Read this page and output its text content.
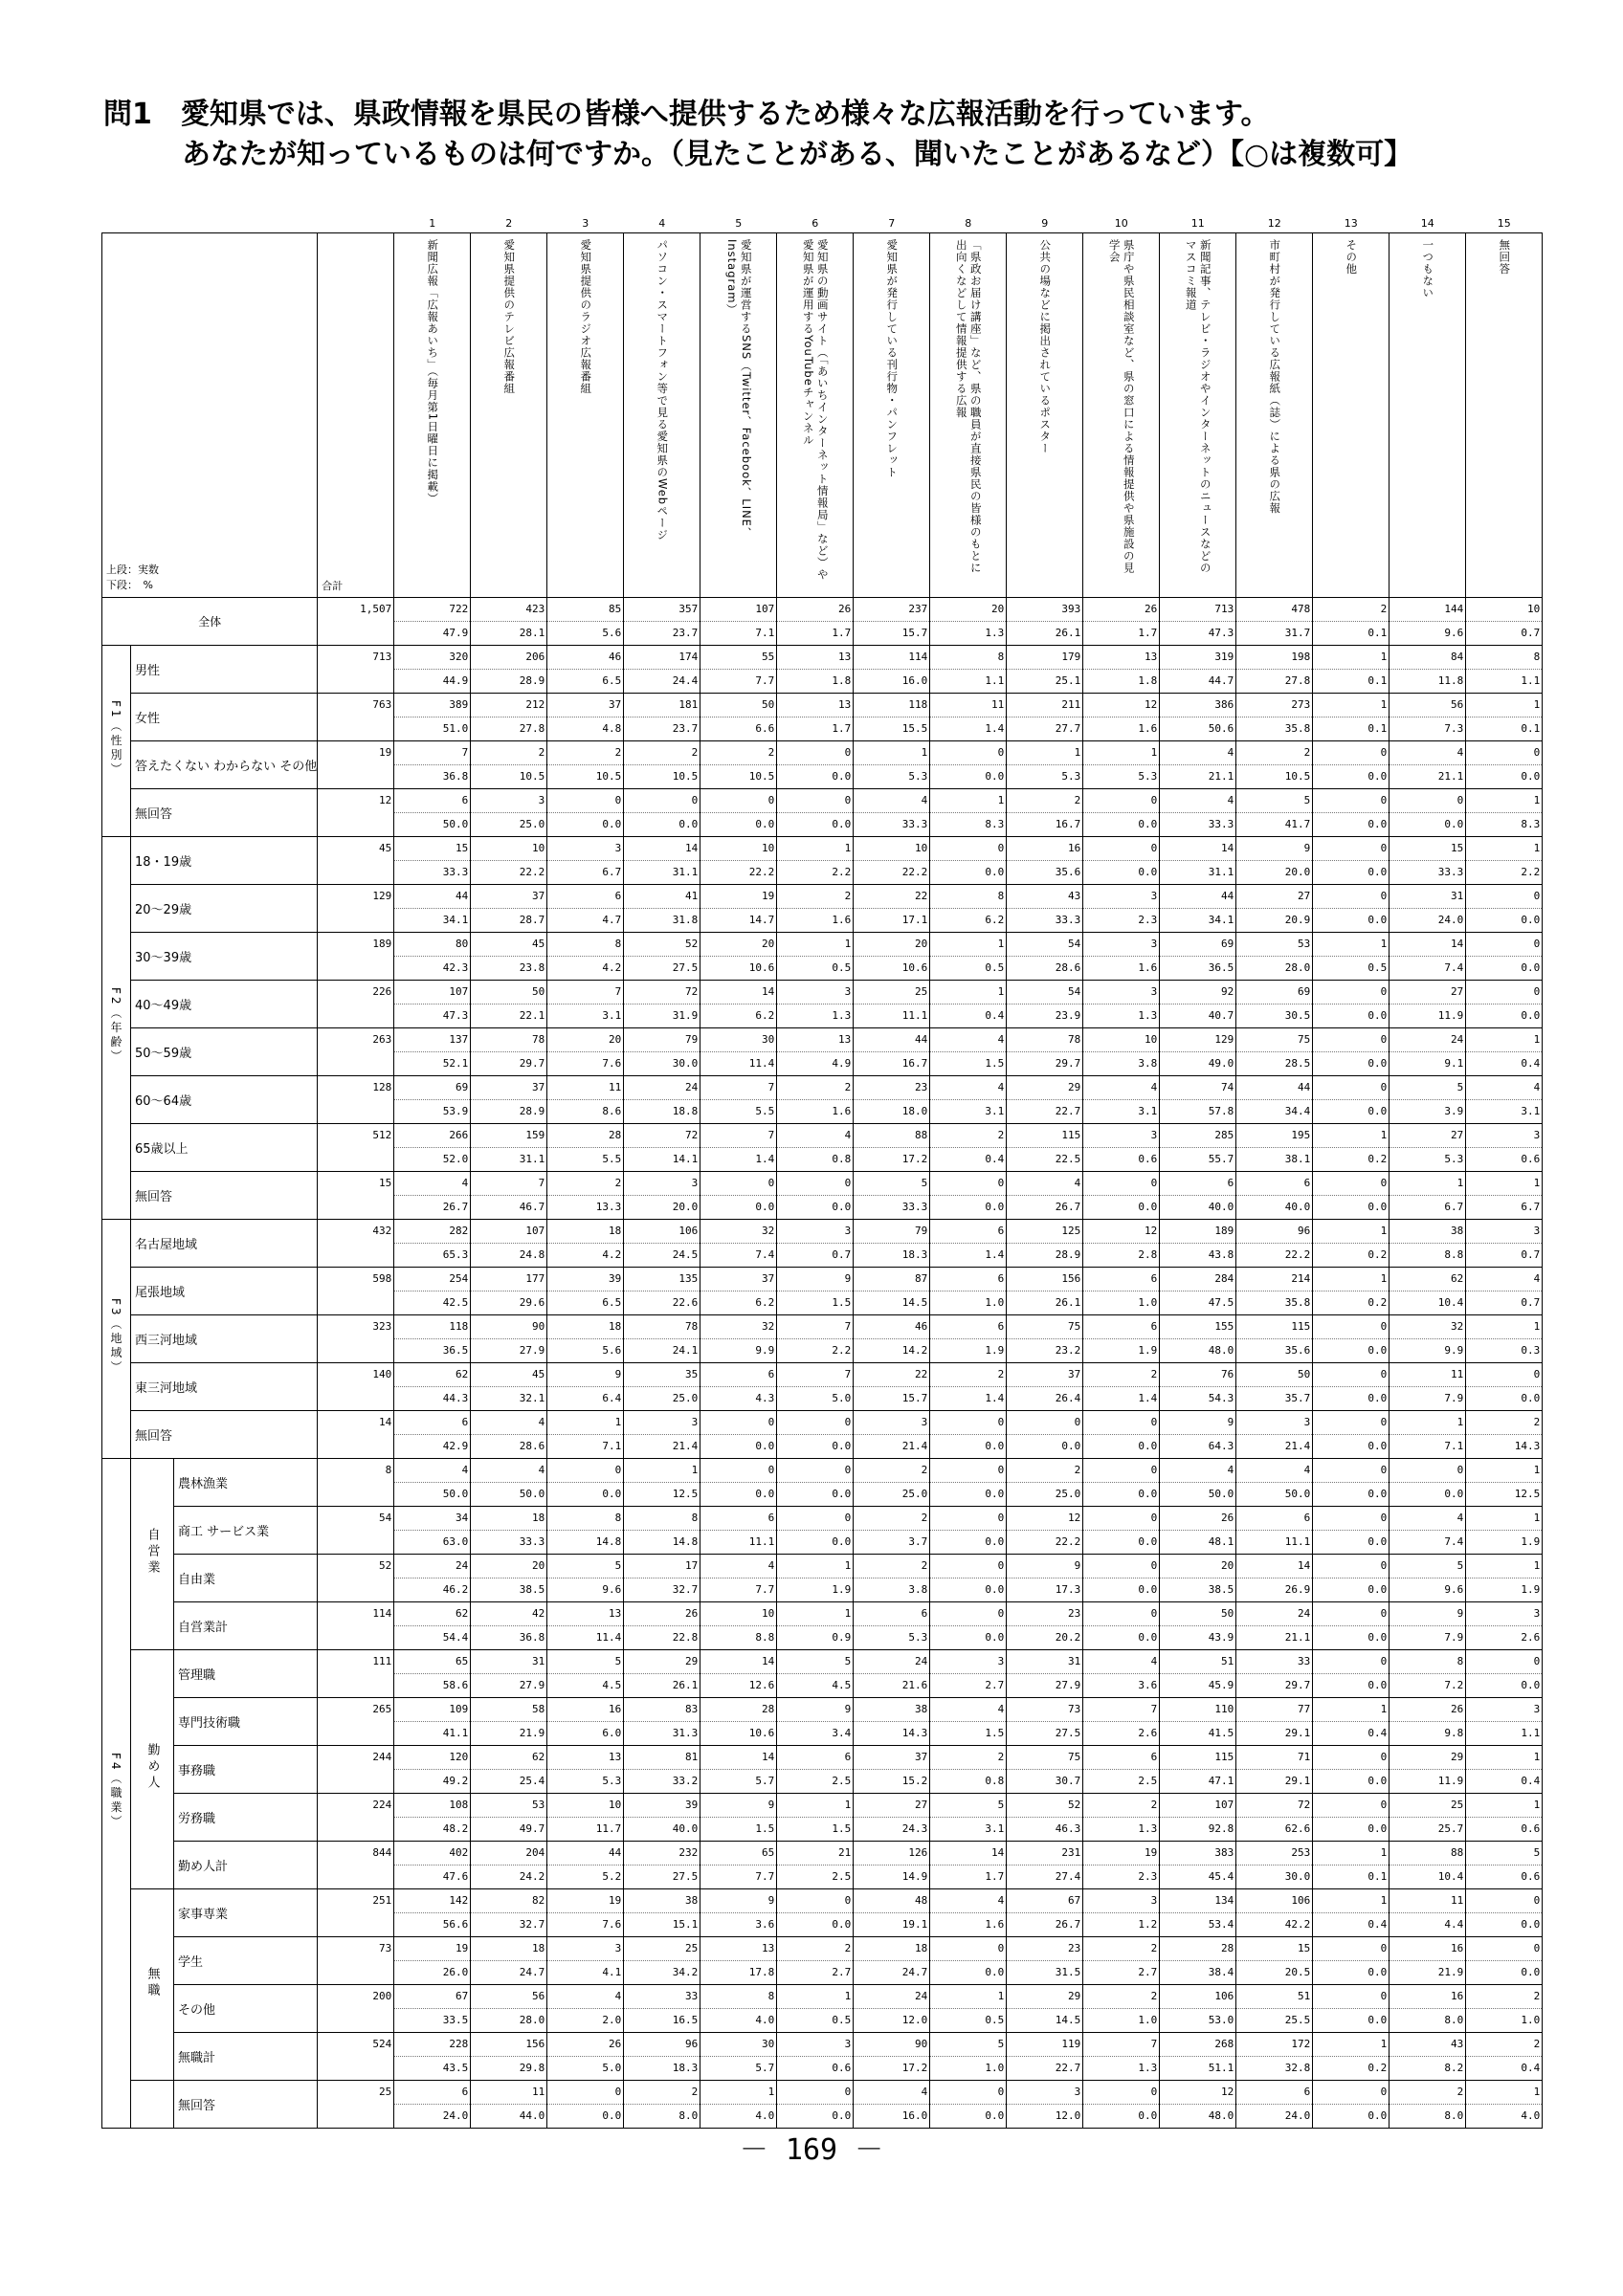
問1　愛知県では、県政情報を県民の皆様へ提供するため様々な広報活動を行っています。
あなたが知っているものは何ですか。（見たことがある、聞いたことがあるなど）【○は複数可】
				1	2	3	4	5	6	7	8	9	10	11	12	13	14	15

上段：実数
下段：　%			合計	新聞広報「広報あいち」（毎月第1日曜日に掲載）	愛知県提供のテレビ広報番組	愛知県提供のラジオ広報番組	パソコン・スマートフォン等で見る愛知県のWebページ	愛知県が運営するSNS（Twitter、Facebook、LINE、Instagram）	愛知県の動画サイト（「あいちインターネット情報局」など）や愛知県が運用するYouTubeチャンネル	愛知県が発行している刊行物・パンフレット	「県政お届け講座」など、県の職員が直接県民の皆様のもとに出向くなどして情報提供する広報	公共の場などに掲出されているポスター	県庁や県民相談室など、県の窓口による情報提供や県施設の見学会	新聞記事、テレビ・ラジオやインターネットのニュースなどのマスコミ報道	市町村が発行している広報紙（誌）による県の広報	その他	一つもない	無回答

全体			1,507	722	423	85	357	107	26	237	20	393	26	713	478	2	144	10
				47.9	28.1	5.6	23.7	7.1	1.7	15.7	1.3	26.1	1.7	47.3	31.7	0.1	9.6	0.7
F1（性別）	男性		713	320	206	46	174	55	13	114	8	179	13	319	198	1	84	8
				44.9	28.9	6.5	24.4	7.7	1.8	16.0	1.1	25.1	1.8	44.7	27.8	0.1	11.8	1.1
	女性		763	389	212	37	181	50	13	118	11	211	12	386	273	1	56	1
				51.0	27.8	4.8	23.7	6.6	1.7	15.5	1.4	27.7	1.6	50.6	35.8	0.1	7.3	0.1
	答えたくない わからない その他		19	7	2	2	2	2	0	1	0	1	1	4	2	0	4	0
				36.8	10.5	10.5	10.5	10.5	0.0	5.3	0.0	5.3	5.3	21.1	10.5	0.0	21.1	0.0
	無回答		12	6	3	0	0	0	0	4	1	2	0	4	5	0	0	1
				50.0	25.0	0.0	0.0	0.0	0.0	33.3	8.3	16.7	0.0	33.3	41.7	0.0	0.0	8.3
F2（年齢）	18・19歳		45	15	10	3	14	10	1	10	0	16	0	14	9	0	15	1
				33.3	22.2	6.7	31.1	22.2	2.2	22.2	0.0	35.6	0.0	31.1	20.0	0.0	33.3	2.2
	20〜29歳		129	44	37	6	41	19	2	22	8	43	3	44	27	0	31	0
				34.1	28.7	4.7	31.8	14.7	1.6	17.1	6.2	33.3	2.3	34.1	20.9	0.0	24.0	0.0
	30〜39歳		189	80	45	8	52	20	1	20	1	54	3	69	53	1	14	0
				42.3	23.8	4.2	27.5	10.6	0.5	10.6	0.5	28.6	1.6	36.5	28.0	0.5	7.4	0.0
	40〜49歳		226	107	50	7	72	14	3	25	1	54	3	92	69	0	27	0
				47.3	22.1	3.1	31.9	6.2	1.3	11.1	0.4	23.9	1.3	40.7	30.5	0.0	11.9	0.0
	50〜59歳		263	137	78	20	79	30	13	44	4	78	10	129	75	0	24	1
				52.1	29.7	7.6	30.0	11.4	4.9	16.7	1.5	29.7	3.8	49.0	28.5	0.0	9.1	0.4
	60〜64歳		128	69	37	11	24	7	2	23	4	29	4	74	44	0	5	4
				53.9	28.9	8.6	18.8	5.5	1.6	18.0	3.1	22.7	3.1	57.8	34.4	0.0	3.9	3.1
	65歳以上		512	266	159	28	72	7	4	88	2	115	3	285	195	1	27	3
				52.0	31.1	5.5	14.1	1.4	0.8	17.2	0.4	22.5	0.6	55.7	38.1	0.2	5.3	0.6
	無回答		15	4	7	2	3	0	0	5	0	4	0	6	6	0	1	1
				26.7	46.7	13.3	20.0	0.0	0.0	33.3	0.0	26.7	0.0	40.0	40.0	0.0	6.7	6.7
F3（地域）	名古屋地域		432	282	107	18	106	32	3	79	6	125	12	189	96	1	38	3
				65.3	24.8	4.2	24.5	7.4	0.7	18.3	1.4	28.9	2.8	43.8	22.2	0.2	8.8	0.7
	尾張地域		598	254	177	39	135	37	9	87	6	156	6	284	214	1	62	4
				42.5	29.6	6.5	22.6	6.2	1.5	14.5	1.0	26.1	1.0	47.5	35.8	0.2	10.4	0.7
	西三河地域		323	118	90	18	78	32	7	46	6	75	6	155	115	0	32	1
				36.5	27.9	5.6	24.1	9.9	2.2	14.2	1.9	23.2	1.9	48.0	35.6	0.0	9.9	0.3
	東三河地域		140	62	45	9	35	6	7	22	2	37	2	76	50	0	11	0
				44.3	32.1	6.4	25.0	4.3	5.0	15.7	1.4	26.4	1.4	54.3	35.7	0.0	7.9	0.0
	無回答		14	6	4	1	3	0	0	3	0	0	0	9	3	0	1	2
				42.9	28.6	7.1	21.4	0.0	0.0	21.4	0.0	0.0	0.0	64.3	21.4	0.0	7.1	14.3
F4（職業）	自営業	農林漁業	8	4	4	0	1	0	0	2	0	2	0	4	4	0	0	1
				50.0	50.0	0.0	12.5	0.0	0.0	25.0	0.0	25.0	0.0	50.0	50.0	0.0	0.0	12.5
		商工 サービス業	54	34	18	8	8	6	0	2	0	12	0	26	6	0	4	1
				63.0	33.3	14.8	14.8	11.1	0.0	3.7	0.0	22.2	0.0	48.1	11.1	0.0	7.4	1.9
		自由業	52	24	20	5	17	4	1	2	0	9	0	20	14	0	5	1
				46.2	38.5	9.6	32.7	7.7	1.9	3.8	0.0	17.3	0.0	38.5	26.9	0.0	9.6	1.9
		自営業計	114	62	42	13	26	10	1	6	0	23	0	50	24	0	9	3
				54.4	36.8	11.4	22.8	8.8	0.9	5.3	0.0	20.2	0.0	43.9	21.1	0.0	7.9	2.6
	勤め人	管理職	111	65	31	5	29	14	5	24	3	31	4	51	33	0	8	0
				58.6	27.9	4.5	26.1	12.6	4.5	21.6	2.7	27.9	3.6	45.9	29.7	0.0	7.2	0.0
		専門技術職	265	109	58	16	83	28	9	38	4	73	7	110	77	1	26	3
				41.1	21.9	6.0	31.3	10.6	3.4	14.3	1.5	27.5	2.6	41.5	29.1	0.4	9.8	1.1
		事務職	244	120	62	13	81	14	6	37	2	75	6	115	71	0	29	1
				49.2	25.4	5.3	33.2	5.7	2.5	15.2	0.8	30.7	2.5	47.1	29.1	0.0	11.9	0.4
		労務職	224	108	53	10	39	9	1	27	5	52	2	107	72	0	25	1
				48.2	49.7	11.7	40.0	1.5	1.5	24.3	3.1	46.3	1.3	92.8	62.6	0.0	25.7	0.6
		勤め人計	844	402	204	44	232	65	21	126	14	231	19	383	253	1	88	5
				47.6	24.2	5.2	27.5	7.7	2.5	14.9	1.7	27.4	2.3	45.4	30.0	0.1	10.4	0.6
	無職	家事専業	251	142	82	19	38	9	0	48	4	67	3	134	106	1	11	0
				56.6	32.7	7.6	15.1	3.6	0.0	19.1	1.6	26.7	1.2	53.4	42.2	0.4	4.4	0.0
		学生	73	19	18	3	25	13	2	18	0	23	2	28	15	0	16	0
				26.0	24.7	4.1	34.2	17.8	2.7	24.7	0.0	31.5	2.7	38.4	20.5	0.0	21.9	0.0
		その他	200	67	56	4	33	8	1	24	1	29	2	106	51	0	16	2
				33.5	28.0	2.0	16.5	4.0	0.5	12.0	0.5	14.5	1.0	53.0	25.5	0.0	8.0	1.0
		無職計	524	228	156	26	96	30	3	90	5	119	7	268	172	1	43	2
				43.5	29.8	5.0	18.3	5.7	0.6	17.2	1.0	22.7	1.3	51.1	32.8	0.2	8.2	0.4
		無回答	25	6	11	0	2	1	0	4	0	3	0	12	6	0	2	1
				24.0	44.0	0.0	8.0	4.0	0.0	16.0	0.0	12.0	0.0	48.0	24.0	0.0	8.0	4.0
－ 169 －
